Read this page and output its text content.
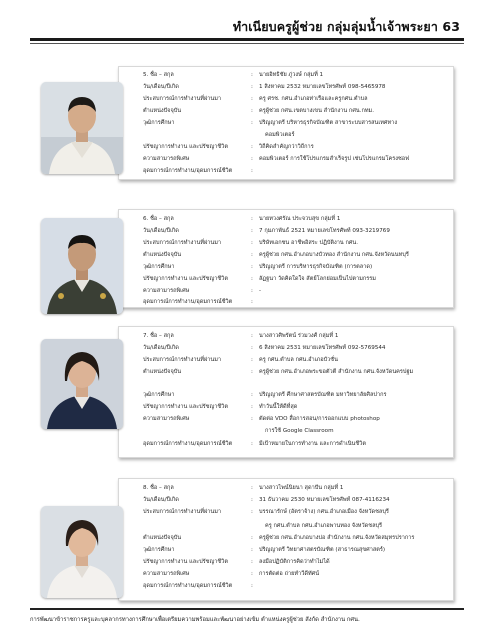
ทำเนียบครูผู้ช่วย กลุ่มลุ่มน้ำเจ้าพระยา 63
5. ชื่อ – สกุล	:	นายอิทธิชัย ภู่วงษ์ กลุ่มที่ 1
วัน/เดือน/ปีเกิด	:	1 สิงหาคม 2532 หมายเลขโทรศัพท์ 098-5465978
ประสบการณ์การทำงานที่ผ่านมา	:	ครู ศรช. กศน.อำเภอท่าเรือและครูกศน.ตำบล
ตำแหน่งปัจจุบัน	:	ครูผู้ช่วย กศน.เขตบางเขน สำนักงาน กศน.กทม.
วุฒิการศึกษา	:	ปริญญาตรี บริหารธุรกิจบัณฑิต สาขาระบบสารสนเทศทาง
คอมพิวเตอร์
ปรัชญาการทำงาน และปรัชญาชีวิต	:	วิถีคิดสำคัญกว่าวิถีการ
ความสามารถพิเศษ	:	คอมพิวเตอร์ การใช้โปรแกรมสำเร็จรูป เช่นโปรแกรมโครงซอฟ
อุดมการณ์การทำงาน/อุดมการณ์ชีวิต	:
6. ชื่อ – สกุล	:	นายทวงศรัณ ประจวบสุข กลุ่มที่ 1
วัน/เดือน/ปีเกิด	:	7 กุมภาพันธ์ 2521 หมายเลขโทรศัพท์ 093-3219769
ประสบการณ์การทำงานที่ผ่านมา	:	บริษัทเอกชน อาชีพอิสระ ปฏิบัติงาน กศน.
ตำแหน่งปัจจุบัน	:	ครูผู้ช่วย กศน.อำเภอบางบัวทอง สำนักงาน กศน.จังหวัดนนทบุรี
วุฒิการศึกษา	:	ปริญญาตรี การบริหารธุรกิจบัณฑิต (การตลาด)
ปรัชญาการทำงาน และปรัชญาชีวิต	:	ลัฏฐนา วัดคิดใดใจ สัตย์โลกย่อมเป็นไปตามกรรม
ความสามารถพิเศษ	:	-
อุดมการณ์การทำงาน/อุดมการณ์ชีวิต	:
7. ชื่อ – สกุล	:	นางสาวศิพรัตน์ ร่วมวงศ์ กลุ่มที่ 1
วัน/เดือน/ปีเกิด	:	6 สิงหาคม 2531 หมายเลขโทรศัพท์ 092-5769544
ประสบการณ์การทำงานที่ผ่านมา	:	ครู กศน.ตำบล กศน.อำเภอบัวชั่น
ตำแหน่งปัจจุบัน	:	ครูผู้ช่วย กศน.อำเภอพระขอตัวตี สำนักงาน กศน.จังหวัดนครปฐม
วุฒิการศึกษา	:	ปริญญาตรี ศึกษาศาสตรบัณฑิต มหาวิทยาลัยศิลปากร
ปรัชญาการทำงาน และปรัชญาชีวิต	:	ทำวันนี้ให้ดีที่สุด
ความสามารถพิเศษ	:	ตัดต่อ VDO สื่อการสอน/การออกแบบ photoshop
การใช้ Google Classroom
อุดมการณ์การทำงาน/อุดมการณ์ชีวิต	:	มีเป้าหมายในการทำงาน และการดำเนินชีวิต
8. ชื่อ – สกุล	:	นางสาวไพน์นิยนา สุดาปัน กลุ่มที่ 1
วัน/เดือน/ปีเกิด	:	31 ธันวาคม 2530 หมายเลขโทรศัพท์ 087-4116234
ประสบการณ์การทำงานที่ผ่านมา	:	บรรณารักษ์ (อัตราจ้าง) กศน.อำเภอเมือง จังหวัดชลบุรี
ครู กศน.ตำบล กศน.อำเภอพานทอง จังหวัดชลบุรี
ตำแหน่งปัจจุบัน	:	ครูผู้ช่วย กศน.อำเภอบางบ่อ สำนักงาน กศน.จังหวัดสมุทรปราการ
วุฒิการศึกษา	:	ปริญญาตรี วิทยาศาสตรบัณฑิต (สาธารณสุขศาสตร์)
ปรัชญาการทำงาน และปรัชญาชีวิต	:	ลงมือปฏิบัติการคิดว่าทำไม่ได้
ความสามารถพิเศษ	:	การตัดต่อ ถ่ายทำวีดีทัศน์
อุดมการณ์การทำงาน/อุดมการณ์ชีวิต	:
การพัฒนาข้าราชการครูและบุคลากรทางการศึกษาเพื่อเตรียมความพร้อมและพัฒนาอย่างเข้ม ตำแหน่งครูผู้ช่วย สังกัด สำนักงาน กศน.
